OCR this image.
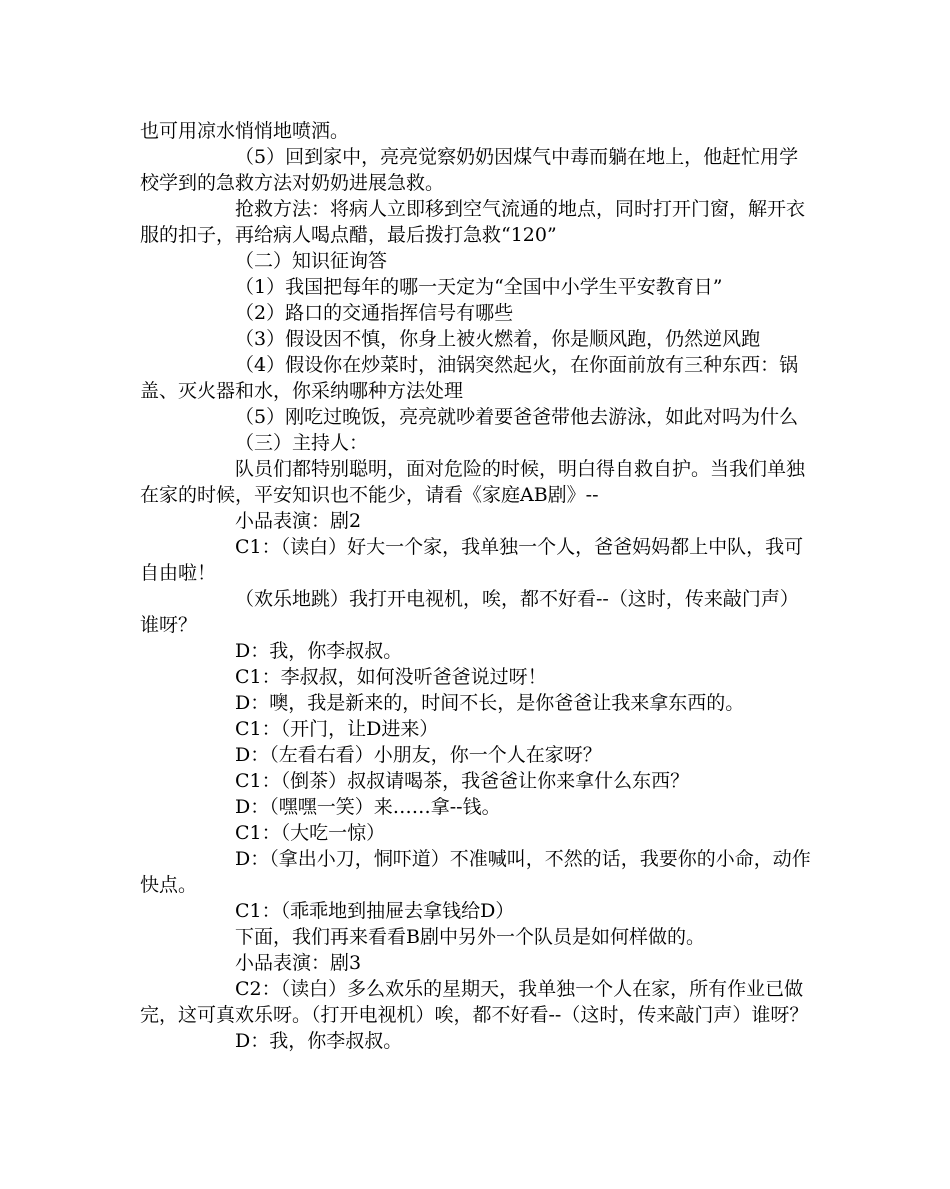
也可用凉水悄悄地喷洒。

（5）回到家中，亮亮觉察奶奶因煤气中毒而躺在地上，他赶忙用学校学到的急救方法对奶奶进展急救。

抢救方法：将病人立即移到空气流通的地点，同时打开门窗，解开衣服的扣子，再给病人喝点醋，最后拨打急救“120”

（二）知识征询答

（1）我国把每年的哪一天定为“全国中小学生平安教育日”

（2）路口的交通指挥信号有哪些

（3）假设因不慎，你身上被火燃着，你是顺风跑，仍然逆风跑

（4）假设你在炒菜时，油锅突然起火，在你面前放有三种东西：锅盖、灭火器和水，你采纳哪种方法处理

（5）刚吃过晚饭，亮亮就吵着要爸爸带他去游泳，如此对吗为什么

（三）主持人：

队员们都特别聪明，面对危险的时候，明白得自救自护。当我们单独在家的时候，平安知识也不能少，请看《家庭AB剧》--

小品表演：剧2

C1：（读白）好大一个家，我单独一个人，爸爸妈妈都上中队，我可自由啦！

（欢乐地跳）我打开电视机，唉，都不好看--（这时，传来敲门声）谁呀？

D：我，你李叔叔。

C1：李叔叔，如何没听爸爸说过呀！

D：噢，我是新来的，时间不长，是你爸爸让我来拿东西的。

C1：（开门，让D进来）

D：（左看右看）小朋友，你一个人在家呀？

C1：（倒茶）叔叔请喝茶，我爸爸让你来拿什么东西？

D：（嘿嘿一笑）来……拿--钱。

C1：（大吃一惊）

D：（拿出小刀，恫吓道）不准喊叫，不然的话，我要你的小命，动作快点。

C1：（乖乖地到抽屉去拿钱给D）

下面，我们再来看看B剧中另外一个队员是如何样做的。

小品表演：剧3

C2：（读白）多么欢乐的星期天，我单独一个人在家，所有作业已做完，这可真欢乐呀。（打开电视机）唉，都不好看--（这时，传来敲门声）谁呀？

D：我，你李叔叔。
